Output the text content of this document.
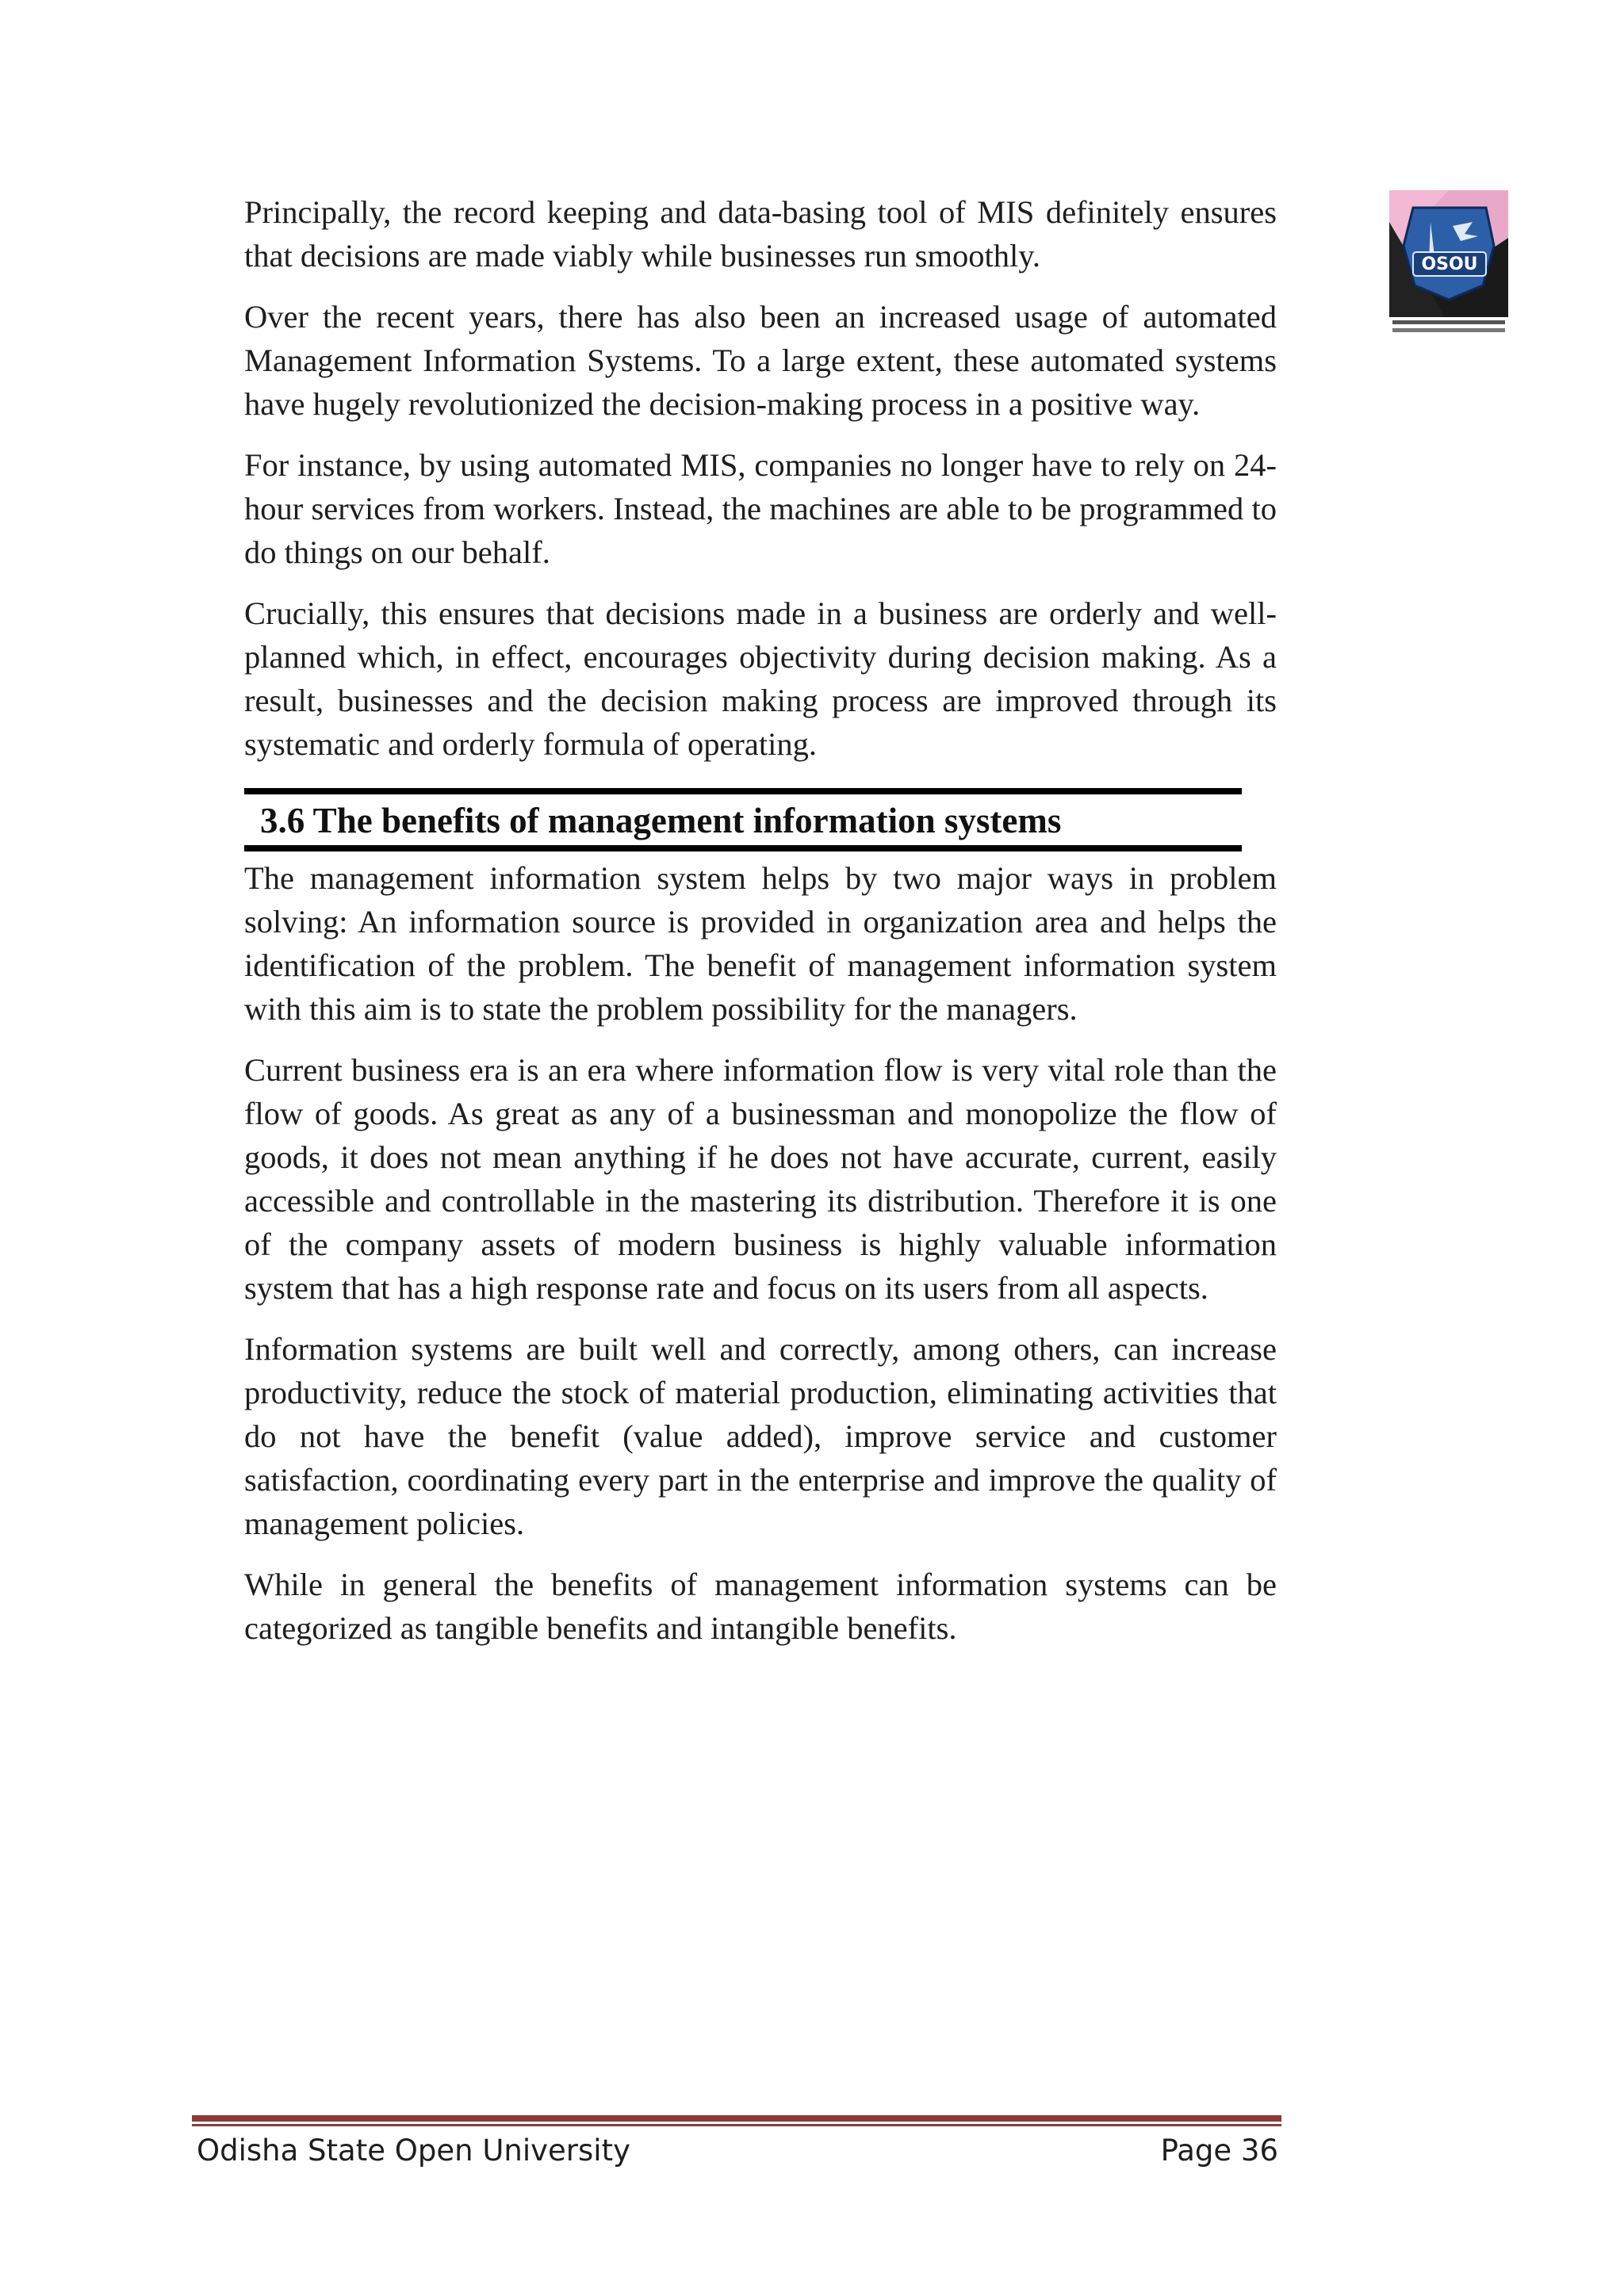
OSOU

Principally, the record keeping and data-basing tool of MIS definitely ensures that decisions are made viably while businesses run smoothly.

Over the recent years, there has also been an increased usage of automated Management Information Systems. To a large extent, these automated systems have hugely revolutionized the decision-making process in a positive way.

For instance, by using automated MIS, companies no longer have to rely on 24-hour services from workers. Instead, the machines are able to be programmed to do things on our behalf.

Crucially, this ensures that decisions made in a business are orderly and well-planned which, in effect, encourages objectivity during decision making. As a result, businesses and the decision making process are improved through its systematic and orderly formula of operating.

3.6 The benefits of management information systems

The management information system helps by two major ways in problem solving: An information source is provided in organization area and helps the identification of the problem. The benefit of management information system with this aim is to state the problem possibility for the managers.

Current business era is an era where information flow is very vital role than the flow of goods. As great as any of a businessman and monopolize the flow of goods, it does not mean anything if he does not have accurate, current, easily accessible and controllable in the mastering its distribution. Therefore it is one of the company assets of modern business is highly valuable information system that has a high response rate and focus on its users from all aspects.

Information systems are built well and correctly, among others, can increase productivity, reduce the stock of material production, eliminating activities that do not have the benefit (value added), improve service and customer satisfaction, coordinating every part in the enterprise and improve the quality of management policies.

While in general the benefits of management information systems can be categorized as tangible benefits and intangible benefits.

Odisha State Open University	Page 36
